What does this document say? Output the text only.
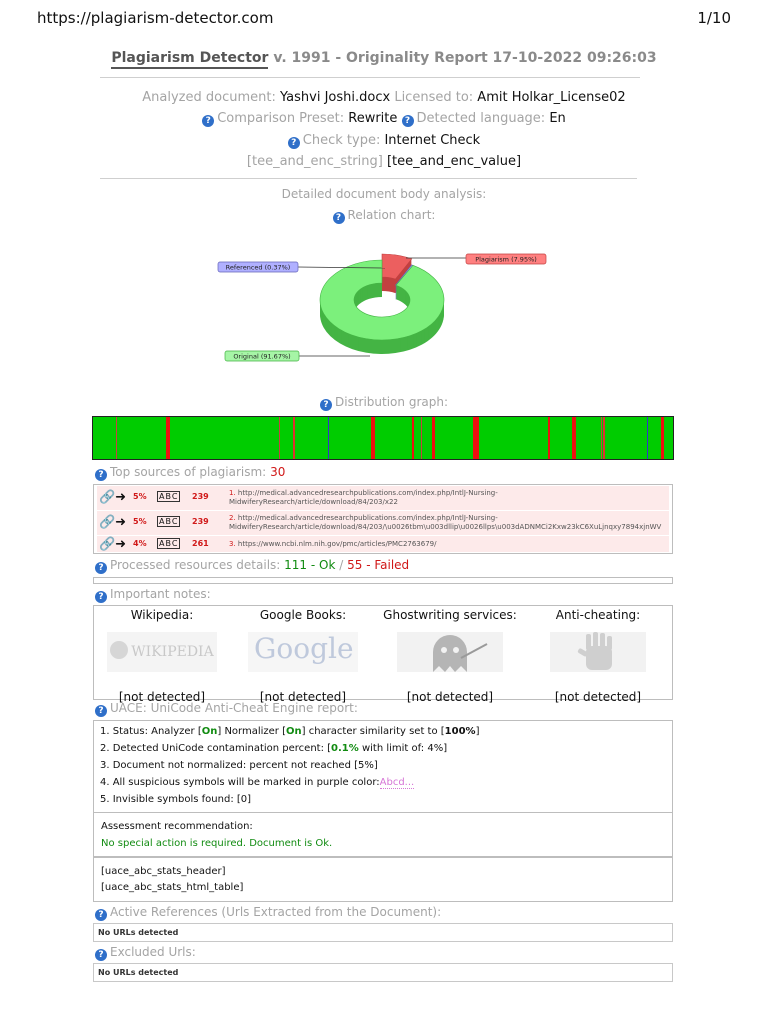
https://plagiarism-detector.com	1/10
Plagiarism Detector v. 1991 - Originality Report 17-10-2022 09:26:03
Analyzed document: Yashvi Joshi.docx Licensed to: Amit Holkar_License02
? Comparison Preset: Rewrite ? Detected language: En
? Check type: Internet Check
[tee_and_enc_string] [tee_and_enc_value]
Detailed document body analysis:
? Relation chart:
Plagiarism (7.95%)
Referenced (0.37%)
Original (91.67%)
? Distribution graph:
? Top sources of plagiarism: 30
🔗➜ 5% ABC 239	1. http://medical.advancedresearchpublications.com/index.php/IntlJ-Nursing-
MidwiferyResearch/article/download/84/203/x22
🔗➜ 5% ABC 239	2. http://medical.advancedresearchpublications.com/index.php/IntlJ-Nursing-
MidwiferyResearch/article/download/84/203/\u0026tbm\u003dllip\u0026llps\u003dADNMCi2Kxw23kC6XuLjnqxy7894xjnWV
🔗➜ 4% ABC 261	3. https://www.ncbi.nlm.nih.gov/pmc/articles/PMC2763679/
? Processed resources details: 111 - Ok / 55 - Failed
? Important notes:
Wikipedia:
WIKIPEDIA
[not detected]
Google Books:
Google
[not detected]
Ghostwriting services:
[not detected]
Anti-cheating:
[not detected]
? UACE: UniCode Anti-Cheat Engine report:
1. Status: Analyzer [On] Normalizer [On] character similarity set to [100%]
2. Detected UniCode contamination percent: [0.1% with limit of: 4%]
3. Document not normalized: percent not reached [5%]
4. All suspicious symbols will be marked in purple color:Abcd...
5. Invisible symbols found: [0]
Assessment recommendation:
No special action is required. Document is Ok.
[uace_abc_stats_header]
[uace_abc_stats_html_table]
? Active References (Urls Extracted from the Document):
No URLs detected
? Excluded Urls:
No URLs detected
